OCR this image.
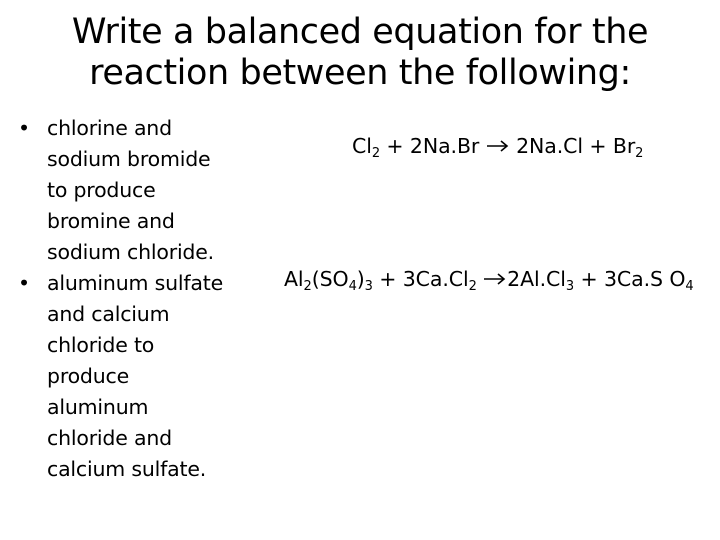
Write a balanced equation for the
reaction between the following:
• chlorine and
sodium bromide
to produce
bromine and
sodium chloride.
• aluminum sulfate
and calcium
chloride to
produce
aluminum
chloride and
calcium sulfate.
$Cl_2 + 2Na.Br \to 2Na.Cl + Br_2$
$Al_2(SO_4)_3 + 3Ca.Cl_2 \to 2Al.Cl_3 + 3Ca.S$ $O_4$
